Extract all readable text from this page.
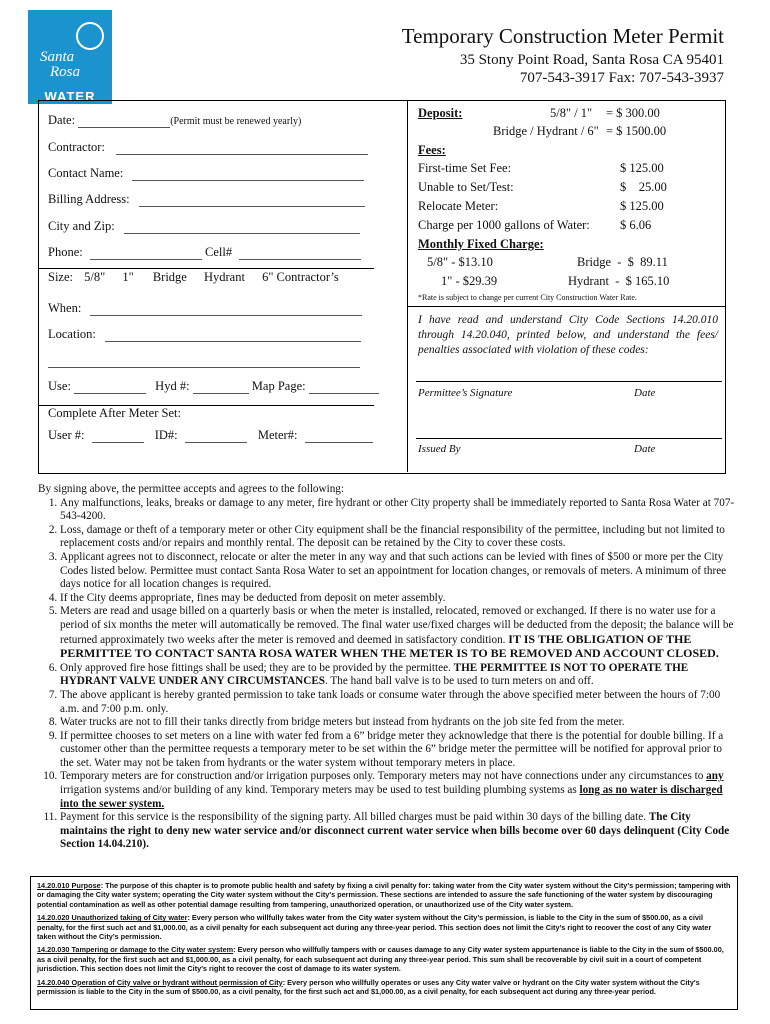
Santa
Rosa
WATER
Temporary Construction Meter Permit
35 Stony Point Road, Santa Rosa CA 95401
707-543-3917 Fax: 707-543-3937
Date:	(Permit must be renewed yearly)
Contractor:
Contact Name:
Billing Address:
City and Zip:
Phone:	Cell#
Size: 5/8" 1" Bridge Hydrant 6" Contractor’s
When:
Location:
Use:	Hyd #:	Map Page:
Complete After Meter Set:
User #:	ID#:	Meter#:
Deposit:	5/8" / 1" = $ 300.00
Bridge / Hydrant / 6" = $ 1500.00
Fees:
First-time Set Fee:	$ 125.00
Unable to Set/Test:	$    25.00
Relocate Meter:	$ 125.00
Charge per 1000 gallons of Water: $ 6.06
Monthly Fixed Charge:
5/8" - $13.10	Bridge  -  $  89.11
1" - $29.39	Hydrant  -  $ 165.10
*Rate is subject to change per current City Construction Water Rate.
I have read and understand City Code Sections 14.20.010 through 14.20.040, printed below, and understand the fees/ penalties associated with violation of these codes:
Permittee’s Signature	Date
Issued By	Date

By signing above, the permittee accepts and agrees to the following:

1. Any malfunctions, leaks, breaks or damage to any meter, fire hydrant or other City property shall be immediately reported to Santa Rosa Water at 707-543-4200.
2. Loss, damage or theft of a temporary meter or other City equipment shall be the financial responsibility of the permittee, including but not limited to replacement costs and/or repairs and monthly rental. The deposit can be retained by the City to cover these costs.
3. Applicant agrees not to disconnect, relocate or alter the meter in any way and that such actions can be levied with fines of $500 or more per the City Codes listed below. Permittee must contact Santa Rosa Water to set an appointment for location changes, or removals of meters. A minimum of three days notice for all location changes is required.
4. If the City deems appropriate, fines may be deducted from deposit on meter assembly.
5. Meters are read and usage billed on a quarterly basis or when the meter is installed, relocated, removed or exchanged. If there is no water use for a period of six months the meter will automatically be removed. The final water use/fixed charges will be deducted from the deposit; the balance will be returned approximately two weeks after the meter is removed and deemed in satisfactory condition. IT IS THE OBLIGATION OF THE PERMITTEE TO CONTACT SANTA ROSA WATER WHEN THE METER IS TO BE REMOVED AND ACCOUNT CLOSED.
6. Only approved fire hose fittings shall be used; they are to be provided by the permittee. THE PERMITTEE IS NOT TO OPERATE THE HYDRANT VALVE UNDER ANY CIRCUMSTANCES. The hand ball valve is to be used to turn meters on and off.
7. The above applicant is hereby granted permission to take tank loads or consume water through the above specified meter between the hours of 7:00 a.m. and 7:00 p.m. only.
8. Water trucks are not to fill their tanks directly from bridge meters but instead from hydrants on the job site fed from the meter.
9. If permittee chooses to set meters on a line with water fed from a 6” bridge meter they acknowledge that there is the potential for double billing. If a customer other than the permittee requests a temporary meter to be set within the 6” bridge meter the permittee will be notified for approval prior to the set. Water may not be taken from hydrants or the water system without temporary meters in place.
10. Temporary meters are for construction and/or irrigation purposes only. Temporary meters may not have connections under any circumstances to any irrigation systems and/or building of any kind. Temporary meters may be used to test building plumbing systems as long as no water is discharged into the sewer system.
11. Payment for this service is the responsibility of the signing party. All billed charges must be paid within 30 days of the billing date. The City maintains the right to deny new water service and/or disconnect current water service when bills become over 60 days delinquent (City Code Section 14.04.210).

14.20.010 Purpose: The purpose of this chapter is to promote public health and safety by fixing a civil penalty for: taking water from the City water system without the City's permission; tampering with or damaging the City water system; operating the City water system without the City's permission. These sections are intended to assure the safe functioning of the water system by discouraging potential contamination as well as other potential damage resulting from tampering, unauthorized operation, or unauthorized use of the City water system.

14.20.020 Unauthorized taking of City water: Every person who willfully takes water from the City water system without the City’s permission, is liable to the City in the sum of $500.00, as a civil penalty, for the first such act and $1,000.00, as a civil penalty for each subsequent act during any three-year period. This section does not limit the City’s right to recover the cost of any City water taken without the City’s permission.

14.20.030 Tampering or damage to the City water system: Every person who willfully tampers with or causes damage to any City water system appurtenance is liable to the City in the sum of $500.00, as a civil penalty, for the first such act and $1,000.00, as a civil penalty, for each subsequent act during any three-year period. This sum shall be recoverable by civil suit in a court of competent jurisdiction. This section does not limit the City's right to recover the cost of damage to its water system.

14.20.040 Operation of City valve or hydrant without permission of City: Every person who willfully operates or uses any City water valve or hydrant on the City water system without the City's permission is liable to the City in the sum of $500.00, as a civil penalty, for the first such act and $1,000.00, as a civil penalty, for each subsequent act during any three-year period.
